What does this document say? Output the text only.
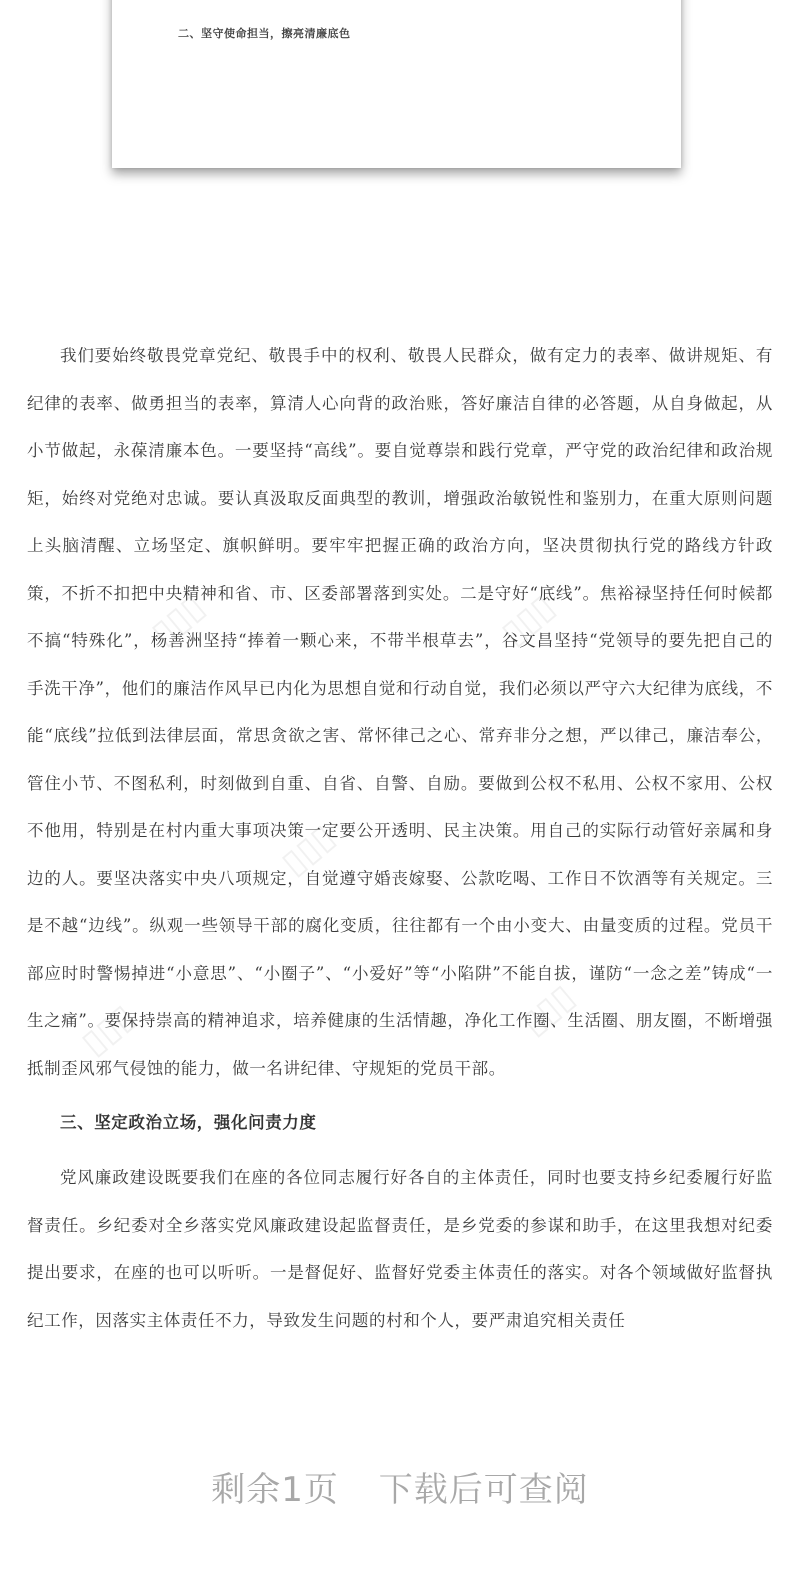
二、坚守使命担当，擦亮清廉底色
▯▯▯	▯▯▯
▯▯▯
▯▯▯
▯▯▯

我们要始终敬畏党章党纪、敬畏手中的权利、敬畏人民群众，做有定力的表率、做讲规矩、有纪律的表率、做勇担当的表率，算清人心向背的政治账，答好廉洁自律的必答题，从自身做起，从小节做起，永葆清廉本色。一要坚持“高线”。要自觉尊崇和践行党章，严守党的政治纪律和政治规矩，始终对党绝对忠诚。要认真汲取反面典型的教训，增强政治敏锐性和鉴别力，在重大原则问题上头脑清醒、立场坚定、旗帜鲜明。要牢牢把握正确的政治方向，坚决贯彻执行党的路线方针政策，不折不扣把中央精神和省、市、区委部署落到实处。二是守好“底线”。焦裕禄坚持任何时候都不搞“特殊化”，杨善洲坚持“捧着一颗心来，不带半根草去”，谷文昌坚持“党领导的要先把自己的手洗干净”，他们的廉洁作风早已内化为思想自觉和行动自觉，我们必须以严守六大纪律为底线，不能“底线”拉低到法律层面，常思贪欲之害、常怀律己之心、常弃非分之想，严以律己，廉洁奉公，管住小节、不图私利，时刻做到自重、自省、自警、自励。要做到公权不私用、公权不家用、公权不他用，特别是在村内重大事项决策一定要公开透明、民主决策。用自己的实际行动管好亲属和身边的人。要坚决落实中央八项规定，自觉遵守婚丧嫁娶、公款吃喝、工作日不饮酒等有关规定。三是不越“边线”。纵观一些领导干部的腐化变质，往往都有一个由小变大、由量变质的过程。党员干部应时时警惕掉进“小意思”、“小圈子”、“小爱好”等“小陷阱”不能自拔，谨防“一念之差”铸成“一生之痛”。要保持崇高的精神追求，培养健康的生活情趣，净化工作圈、生活圈、朋友圈，不断增强抵制歪风邪气侵蚀的能力，做一名讲纪律、守规矩的党员干部。

三、坚定政治立场，强化问责力度

党风廉政建设既要我们在座的各位同志履行好各自的主体责任，同时也要支持乡纪委履行好监督责任。乡纪委对全乡落实党风廉政建设起监督责任，是乡党委的参谋和助手，在这里我想对纪委提出要求，在座的也可以听听。一是督促好、监督好党委主体责任的落实。对各个领域做好监督执纪工作，因落实主体责任不力，导致发生问题的村和个人，要严肃追究相关责任

剩余1页 下载后可查阅
